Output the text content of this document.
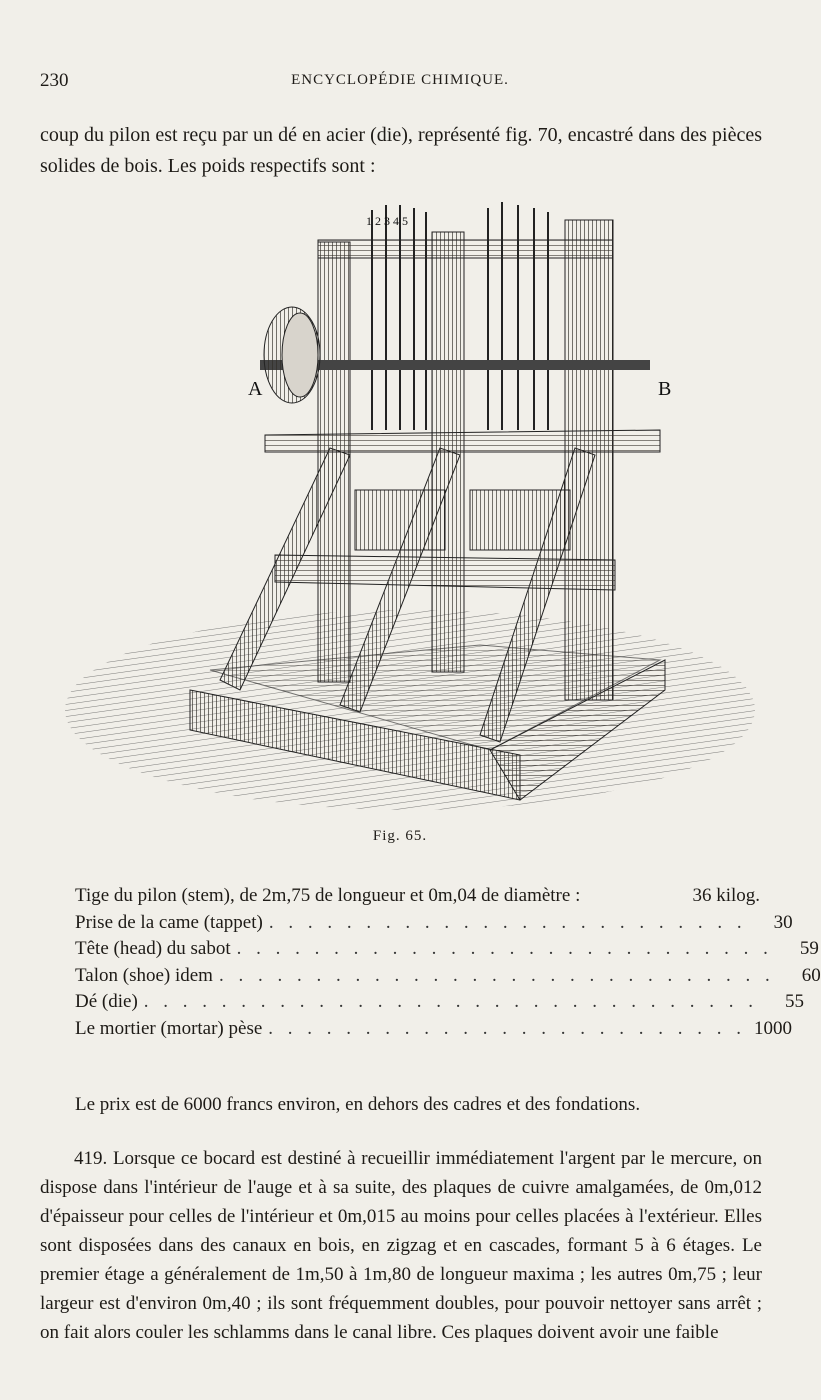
230	ENCYCLOPÉDIE CHIMIQUE.

coup du pilon est reçu par un dé en acier (die), représenté fig. 70, encastré dans des pièces solides de bois. Les poids respectifs sont :

A	B
1 2 3 4 5
Fig. 65.
Tige du pilon (stem), de 2m,75 de longueur et 0m,04 de diamètre :	36 kilog.
Prise de la came (tappet) . . . . . . . . . . . . . . . . . . . . . . . . .	30
Tête (head) du sabot . . . . . . . . . . . . . . . . . . . . . . . . . . . .	59
Talon (shoe) idem . . . . . . . . . . . . . . . . . . . . . . . . . . . . .	60
Dé (die) . . . . . . . . . . . . . . . . . . . . . . . . . . . . . . . .	55
Le mortier (mortar) pèse . . . . . . . . . . . . . . . . . . . . . . . . . 1000

Le prix est de 6000 francs environ, en dehors des cadres et des fondations.

419. Lorsque ce bocard est destiné à recueillir immédiatement l'argent par le mercure, on dispose dans l'intérieur de l'auge et à sa suite, des plaques de cuivre amalgamées, de 0m,012 d'épaisseur pour celles de l'intérieur et 0m,015 au moins pour celles placées à l'extérieur. Elles sont disposées dans des canaux en bois, en zigzag et en cascades, formant 5 à 6 étages. Le premier étage a généralement de 1m,50 à 1m,80 de longueur maxima ; les autres 0m,75 ; leur largeur est d'environ 0m,40 ; ils sont fréquemment doubles, pour pouvoir nettoyer sans arrêt ; on fait alors couler les schlamms dans le canal libre. Ces plaques doivent avoir une faible
